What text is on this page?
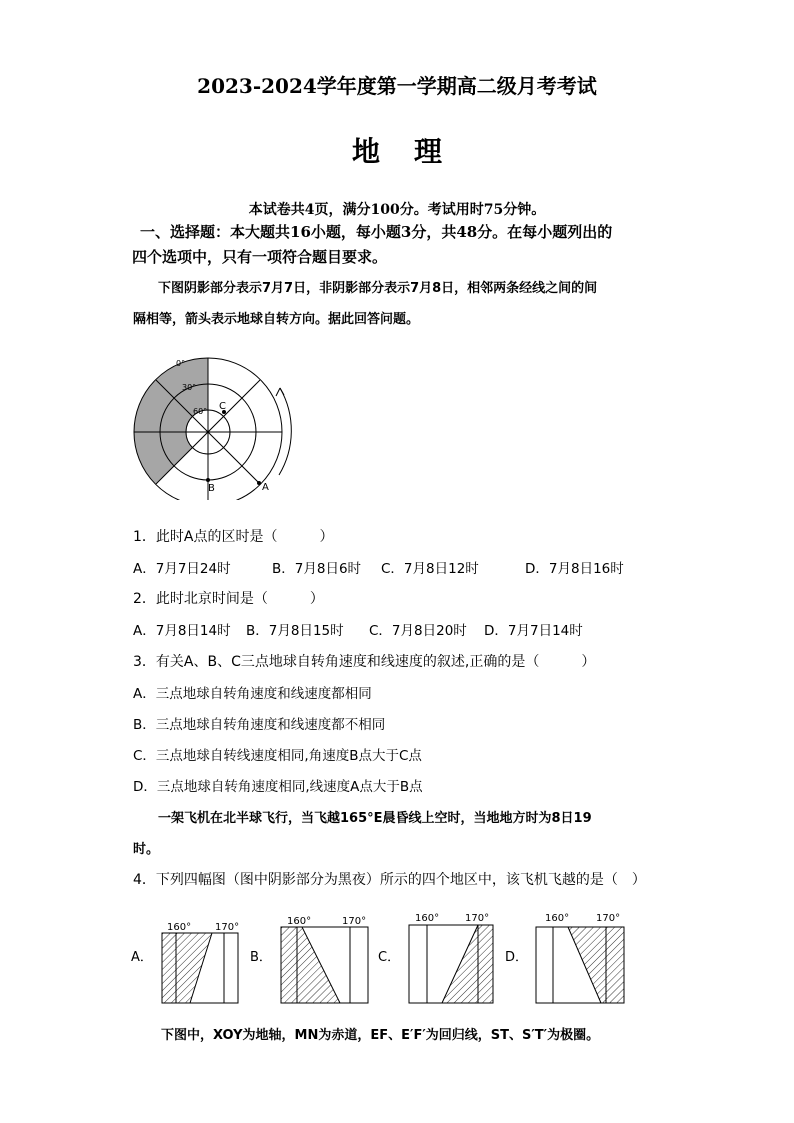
2023-2024学年度第一学期高二级月考考试
地理
本试卷共4页，满分100分。考试用时75分钟。
一、选择题：本大题共16小题，每小题3分，共48分。在每小题列出的
四个选项中，只有一项符合题目要求。
下图阴影部分表示7月7日，非阴影部分表示7月8日，相邻两条经线之间的间
隔相等，箭头表示地球自转方向。据此回答问题。
0°
30°
60° C
B	A
1．此时A点的区时是（　　　）
A．7月7日24时	B．7月8日6时 C．7月8日12时	D．7月8日16时
2．此时北京时间是（　　　）
A．7月8日14时 B．7月8日15时 C．7月8日20时 D．7月7日14时
3．有关A、B、C三点地球自转角速度和线速度的叙述,正确的是（　　　）
A．三点地球自转角速度和线速度都相同
B．三点地球自转角速度和线速度都不相同
C．三点地球自转线速度相同,角速度B点大于C点
D．三点地球自转角速度相同,线速度A点大于B点
一架飞机在北半球飞行，当飞越165°E晨昏线上空时，当地地方时为8日19
时。
4．下列四幅图（图中阴影部分为黑夜）所示的四个地区中，该飞机飞越的是（　）
A．
160° 170°
B．
160°	170°
C．
160°	170°
D．
160°	170°
下图中，XOY为地轴，MN为赤道，EF、E′F′为回归线，ST、S′T′为极圈。
